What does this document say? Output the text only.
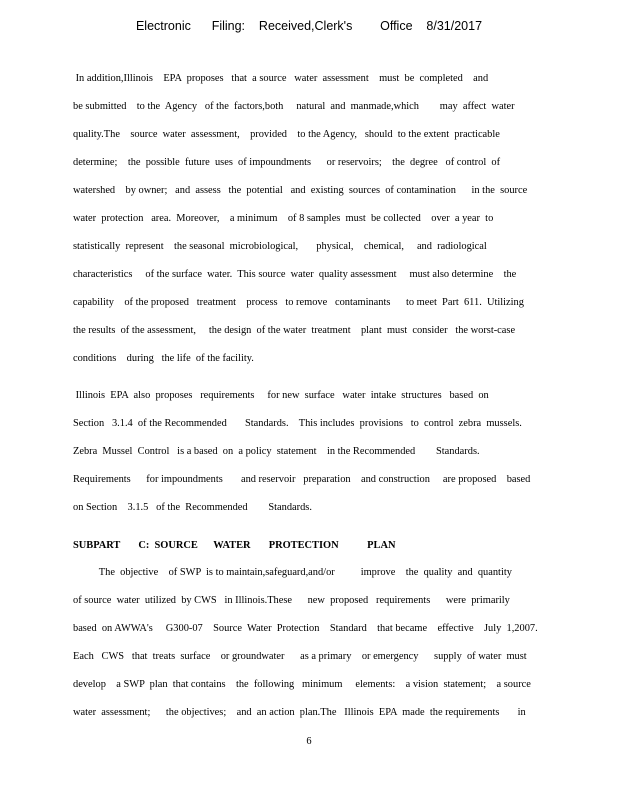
Electronic      Filing:    Received,Clerk's        Office    8/31/2017
In addition,Illinois    EPA  proposes   that  a source   water  assessment    must  be  completed    and
be submitted    to the  Agency   of the  factors,both     natural  and  manmade,which        may  affect  water
quality.The    source  water  assessment,    provided    to the Agency,   should  to the extent  practicable
determine;    the  possible  future  uses  of impoundments      or reservoirs;    the  degree   of control  of
watershed    by owner;   and  assess   the  potential   and  existing  sources  of contamination      in the  source
water  protection   area.  Moreover,    a minimum    of 8 samples  must  be collected    over  a year  to
statistically  represent    the seasonal  microbiological,       physical,    chemical,     and  radiological
characteristics     of the surface  water.  This source  water  quality assessment     must also determine    the
capability    of the proposed   treatment    process   to remove   contaminants      to meet  Part  611.  Utilizing
the results  of the assessment,     the design  of the water  treatment    plant  must  consider   the worst-case
conditions    during   the life  of the facility.
Illinois  EPA  also  proposes   requirements     for new  surface   water  intake  structures   based  on
Section   3.1.4  of the Recommended       Standards.    This includes  provisions   to  control  zebra  mussels.
Zebra  Mussel  Control   is a based  on  a policy  statement    in the Recommended        Standards.
Requirements      for impoundments       and reservoir   preparation    and construction     are proposed    based
on Section    3.1.5   of the  Recommended        Standards.
SUBPART       C:  SOURCE      WATER       PROTECTION           PLAN
The  objective    of SWP  is to maintain,safeguard,and/or          improve    the  quality  and  quantity
of source  water  utilized  by CWS   in Illinois.These      new  proposed   requirements      were  primarily
based  on AWWA's     G300-07    Source  Water  Protection    Standard    that became    effective    July  1,2007.
Each   CWS   that  treats  surface    or groundwater      as a primary    or emergency      supply  of water  must
develop    a SWP  plan  that contains    the  following   minimum     elements:    a vision  statement;    a source
water  assessment;      the objectives;    and  an action  plan.The   Illinois  EPA  made  the requirements       in
6
